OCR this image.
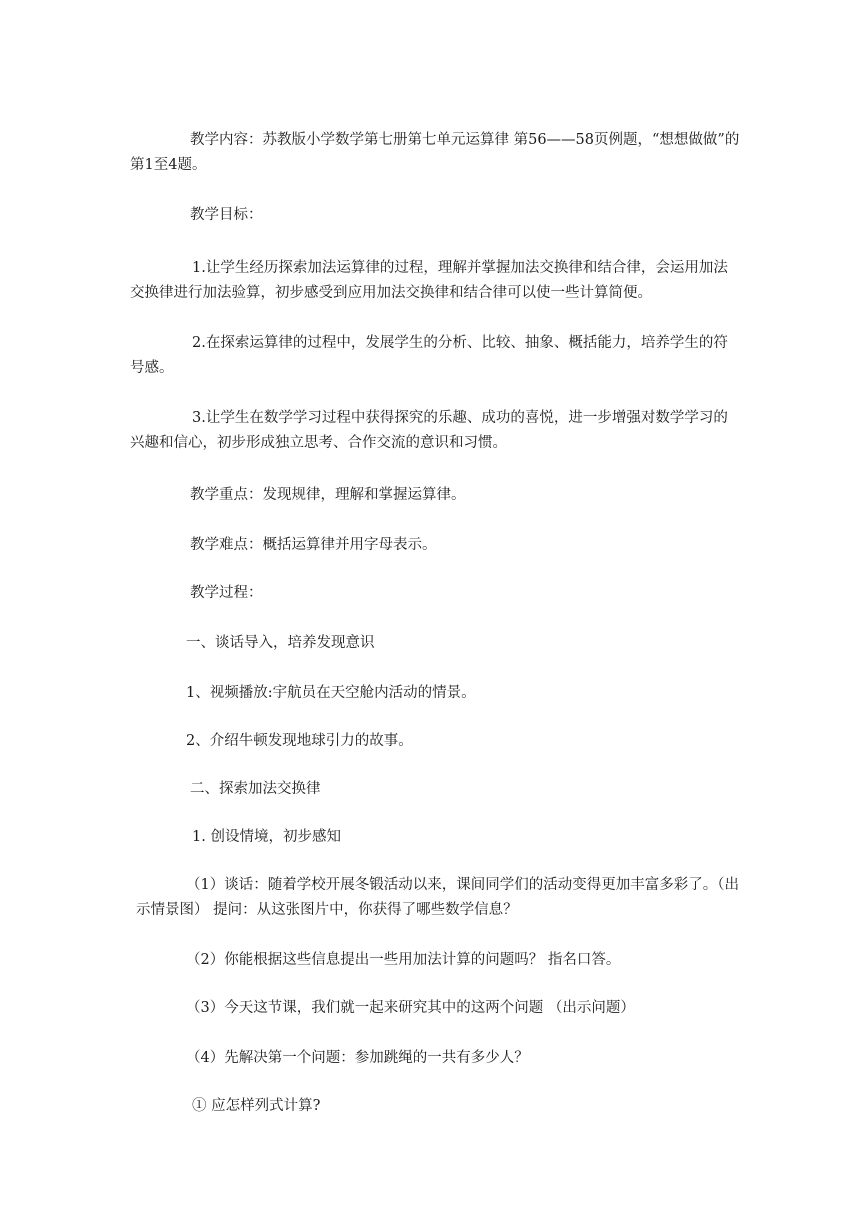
教学内容：苏教版小学数学第七册第七单元运算律 第56——58页例题，“想想做做”的第1至4题。

教学目标：

1.让学生经历探索加法运算律的过程，理解并掌握加法交换律和结合律，会运用加法交换律进行加法验算，初步感受到应用加法交换律和结合律可以使一些计算简便。

2.在探索运算律的过程中，发展学生的分析、比较、抽象、概括能力，培养学生的符号感。

3.让学生在数学学习过程中获得探究的乐趣、成功的喜悦，进一步增强对数学学习的兴趣和信心，初步形成独立思考、合作交流的意识和习惯。

教学重点：发现规律，理解和掌握运算律。

教学难点：概括运算律并用字母表示。

教学过程：

一、谈话导入，培养发现意识

1、视频播放:宇航员在天空舱内活动的情景。

2、介绍牛顿发现地球引力的故事。

二、探索加法交换律

1. 创设情境，初步感知

（1）谈话：随着学校开展冬锻活动以来，课间同学们的活动变得更加丰富多彩了。（出示情景图） 提问：从这张图片中，你获得了哪些数学信息？

（2）你能根据这些信息提出一些用加法计算的问题吗？ 指名口答。

（3）今天这节课，我们就一起来研究其中的这两个问题 （出示问题）

（4）先解决第一个问题：参加跳绳的一共有多少人？

① 应怎样列式计算?
